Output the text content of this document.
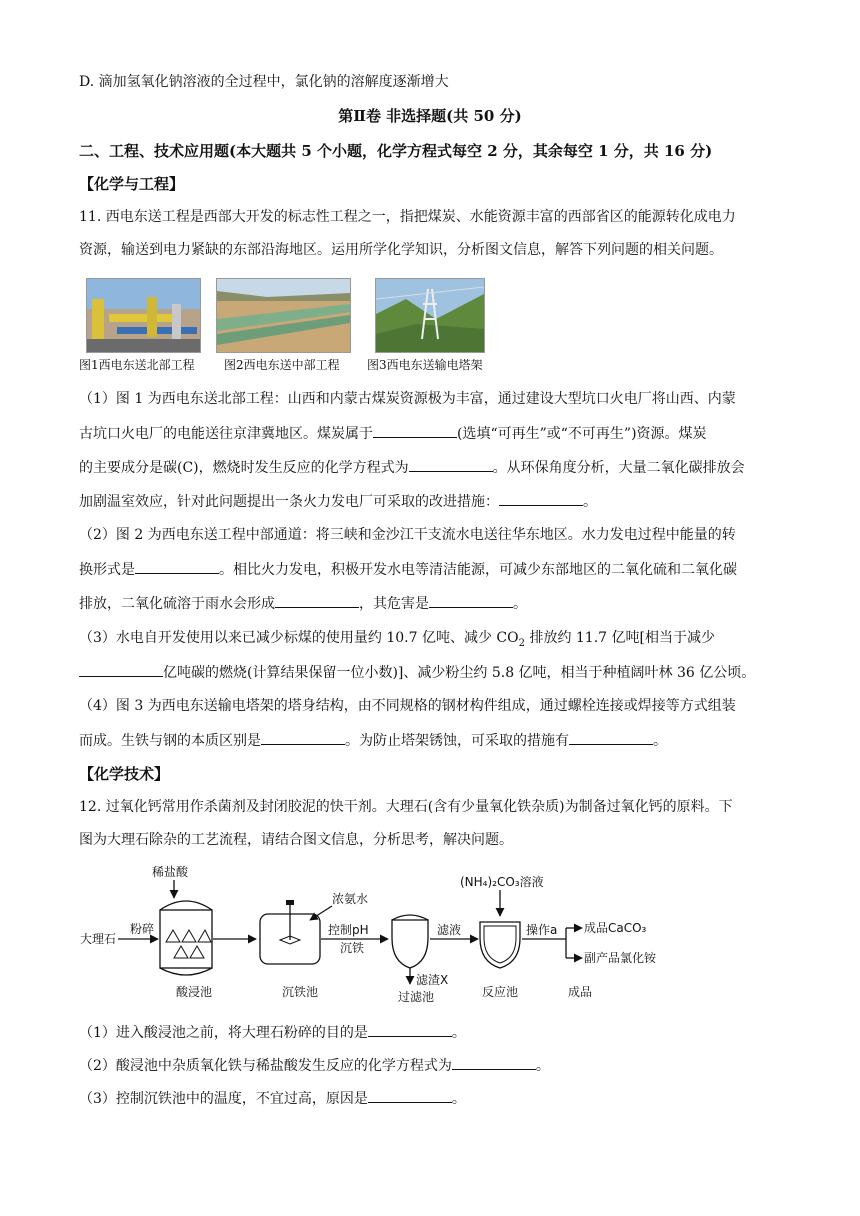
D. 滴加氢氧化钠溶液的全过程中，氯化钠的溶解度逐渐增大
第Ⅱ卷 非选择题(共 50 分)
二、工程、技术应用题(本大题共 5 个小题，化学方程式每空 2 分，其余每空 1 分，共 16 分)
【化学与工程】
11. 西电东送工程是西部大开发的标志性工程之一，指把煤炭、水能资源丰富的西部省区的能源转化成电力
资源，输送到电力紧缺的东部沿海地区。运用所学化学知识，分析图文信息，解答下列问题的相关问题。
图1西电东送北部工程 图2西电东送中部工程 图3西电东送输电塔架
（1）图 1 为西电东送北部工程：山西和内蒙古煤炭资源极为丰富，通过建设大型坑口火电厂将山西、内蒙
古坑口火电厂的电能送往京津冀地区。煤炭属于	(选填“可再生”或“不可再生”)资源。煤炭
的主要成分是碳(C)，燃烧时发生反应的化学方程式为	。从环保角度分析，大量二氧化碳排放会
加剧温室效应，针对此问题提出一条火力发电厂可采取的改进措施：	。
（2）图 2 为西电东送工程中部通道：将三峡和金沙江干支流水电送往华东地区。水力发电过程中能量的转
换形式是	。相比火力发电，积极开发水电等清洁能源，可减少东部地区的二氧化硫和二氧化碳
排放，二氧化硫溶于雨水会形成	，其危害是	。
（3）水电自开发使用以来已减少标煤的使用量约 10.7 亿吨、减少 $CO_2$ 排放约 11.7 亿吨[相当于减少
亿吨碳的燃烧(计算结果保留一位小数)]、减少粉尘约 5.8 亿吨，相当于种植阔叶林 36 亿公顷。
（4）图 3 为西电东送输电塔架的塔身结构，由不同规格的钢材构件组成，通过螺栓连接或焊接等方式组装
而成。生铁与钢的本质区别是	。为防止塔架锈蚀，可采取的措施有	。
【化学技术】
12. 过氧化钙常用作杀菌剂及封闭胶泥的快干剂。大理石(含有少量氧化铁杂质)为制备过氧化钙的原料。下
图为大理石除杂的工艺流程，请结合图文信息，分析思考，解决问题。
稀盐酸
大理石
粉碎
酸浸池	沉铁池
浓氨水
控制pH
沉铁
滤渣X
过滤池
滤液
(NH₄)₂CO₃溶液
反应池
操作a 成品CaCO₃
副产品氯化铵
成品
（1）进入酸浸池之前，将大理石粉碎的目的是	。
（2）酸浸池中杂质氧化铁与稀盐酸发生反应的化学方程式为	。
（3）控制沉铁池中的温度，不宜过高，原因是	。
